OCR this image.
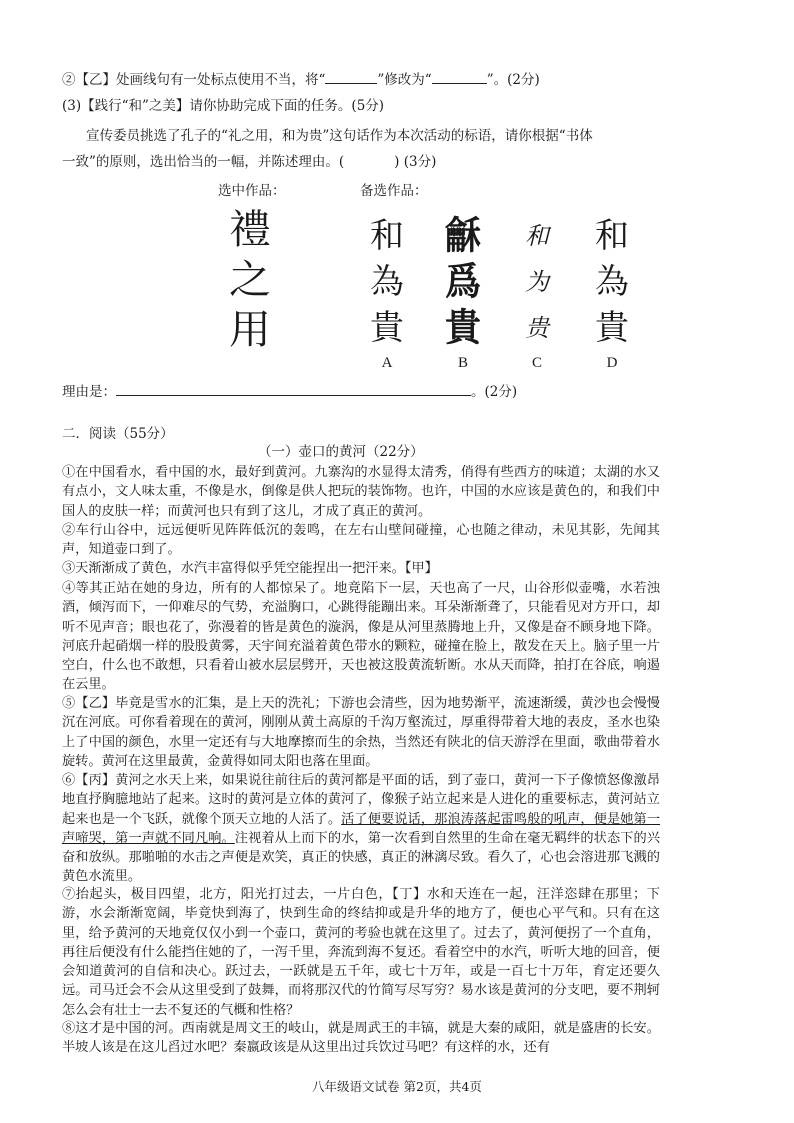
②【乙】处画线句有一处标点使用不当，将“	”修改为“	”。(2分)
(3)【践行“和”之美】请你协助完成下面的任务。(5分)
宣传委员挑选了孔子的“礼之用，和为贵”这句话作为本次活动的标语，请你根据“书体
一致”的原则，选出恰当的一幅，并陈述理由。(	) (3分)
选中作品：	备选作品：
禮
之
用
和
為
貴
A
龢
爲
貴
B
和
为
贵
C
和
為
貴
D
理由是：	。(2分)
二．阅读（55分）
（一）壶口的黄河（22分）
①在中国看水，看中国的水，最好到黄河。九寨沟的水显得太清秀，俏得有些西方的味道；太湖的水又有点小，文人味太重，不像是水，倒像是供人把玩的装饰物。也许，中国的水应该是黄色的，和我们中国人的皮肤一样；而黄河也只有到了这儿，才成了真正的黄河。
②车行山谷中，远远便听见阵阵低沉的轰鸣，在左右山壁间碰撞，心也随之律动，未见其影，先闻其声，知道壶口到了。
③天渐渐成了黄色，水汽丰富得似乎凭空能捏出一把汗来。【甲】
④等其正站在她的身边，所有的人都惊呆了。地竟陷下一层，天也高了一尺，山谷形似壶嘴，水若浊酒，倾泻而下，一仰难尽的气势，充溢胸口，心跳得能蹦出来。耳朵渐渐聋了，只能看见对方开口，却听不见声音；眼也花了，弥漫着的皆是黄色的漩涡，像是从河里蒸腾地上升，又像是奋不顾身地下降。河底升起硝烟一样的股股黄雾，天宇间充溢着黄色带水的颗粒，碰撞在脸上，散发在天上。脑子里一片空白，什么也不敢想，只看着山被水层层劈开，天也被这股黄流斩断。水从天而降，拍打在谷底，响遏在云里。
⑤【乙】毕竟是雪水的汇集，是上天的洗礼；下游也会清些，因为地势渐平，流速渐缓，黄沙也会慢慢沉在河底。可你看着现在的黄河，刚刚从黄土高原的千沟万壑流过，厚重得带着大地的表皮，圣水也染上了中国的颜色，水里一定还有与大地摩擦而生的余热，当然还有陕北的信天游浮在里面，歌曲带着水旋转。黄河在这里最黄，金黄得如同太阳也落在里面。
⑥【丙】黄河之水天上来，如果说往前往后的黄河都是平面的话，到了壶口，黄河一下子像愤怒像激昂地直抒胸臆地站了起来。这时的黄河是立体的黄河了，像猴子站立起来是人进化的重要标志，黄河站立起来也是一个飞跃，就像个顶天立地的人活了。活了便要说话，那浪涛落起雷鸣般的吼声，便是她第一声啼哭，第一声就不同凡响。注视着从上而下的水，第一次看到自然里的生命在毫无羁绊的状态下的兴奋和放纵。那啪啪的水击之声便是欢笑，真正的快感，真正的淋漓尽致。看久了，心也会溶进那飞溅的黄色水流里。
⑦抬起头，极目四望，北方，阳光打过去，一片白色，【丁】水和天连在一起，汪洋恣肆在那里；下游，水会渐渐宽阔，毕竟快到海了，快到生命的终结抑或是升华的地方了，便也心平气和。只有在这里，给予黄河的天地竟仅仅小到一个壶口，黄河的考验也就在这里了。过去了，黄河便拐了一个直角，再往后便没有什么能挡住她的了，一泻千里，奔流到海不复还。看着空中的水汽，听听大地的回音，便会知道黄河的自信和决心。跃过去，一跃就是五千年，或七十万年，或是一百七十万年，育定还要久远。司马迁会不会从这里受到了鼓舞，而将那汉代的竹简写尽写穷？易水该是黄河的分支吧，要不荆轲怎么会有壮士一去不复还的气概和性格？
⑧这才是中国的河。西南就是周文王的岐山，就是周武王的丰镐，就是大秦的咸阳，就是盛唐的长安。半坡人该是在这儿舀过水吧？秦嬴政该是从这里出过兵饮过马吧？有这样的水，还有
八年级语文试卷 第2页，共4页
